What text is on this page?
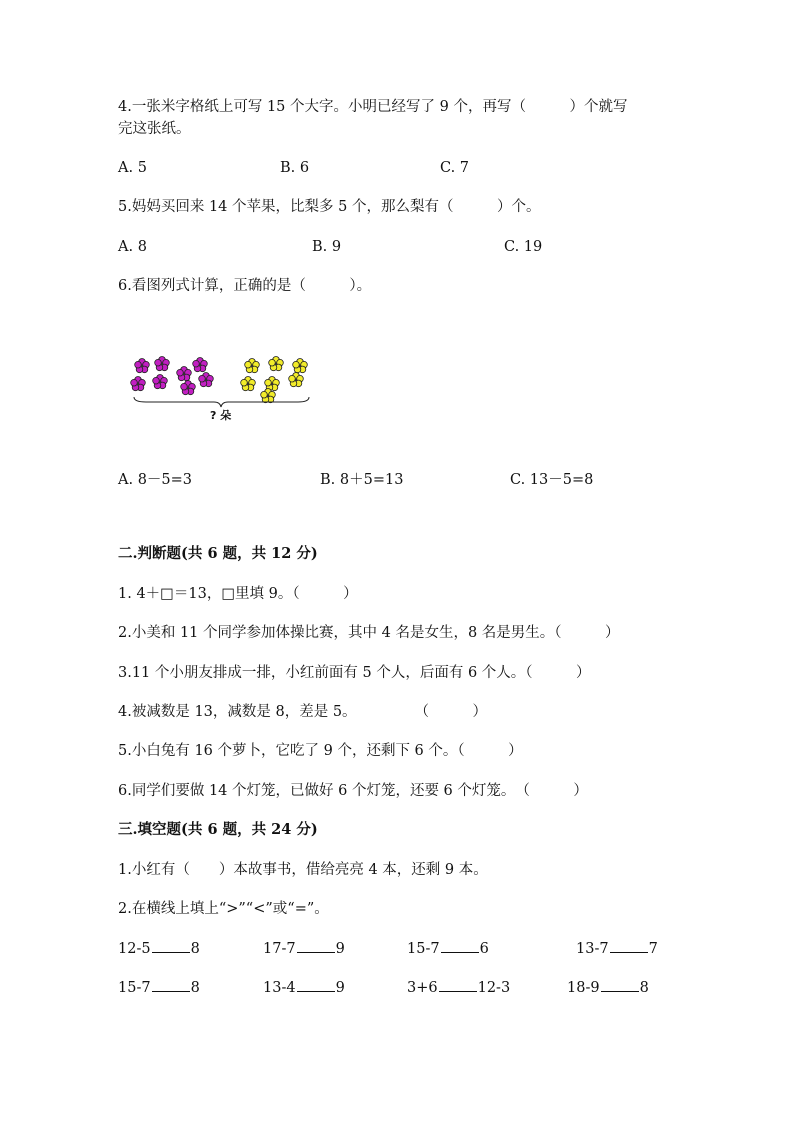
4.一张米字格纸上可写 15 个大字。小明已经写了 9 个，再写（　　　）个就写
完这张纸。
A. 5	B. 6	C. 7
5.妈妈买回来 14 个苹果，比梨多 5 个，那么梨有（　　　）个。
A. 8	B. 9	C. 19
6.看图列式计算，正确的是（　　　）。
? 朵
A. 8－5=3	B. 8＋5=13	C. 13－5=8
二.判断题(共 6 题，共 12 分)
1. 4＋□＝13，□里填 9。（　　　）
2.小美和 11 个同学参加体操比赛，其中 4 名是女生，8 名是男生。（　　　）
3.11 个小朋友排成一排，小红前面有 5 个人，后面有 6 个人。（　　　）
4.被减数是 13，减数是 8，差是 5。　　　　　（　　　）
5.小白兔有 16 个萝卜，它吃了 9 个，还剩下 6 个。（　　　）
6.同学们要做 14 个灯笼，已做好 6 个灯笼，还要 6 个灯笼。　（　　　）
三.填空题(共 6 题，共 24 分)
1.小红有（　　）本故事书，借给亮亮 4 本，还剩 9 本。
2.在横线上填上“>”“<”或“=”。
12-5	8	17-7	9	15-7	6	13-7	7
15-7	8	13-4	9	3+6	12-3	18-9	8
